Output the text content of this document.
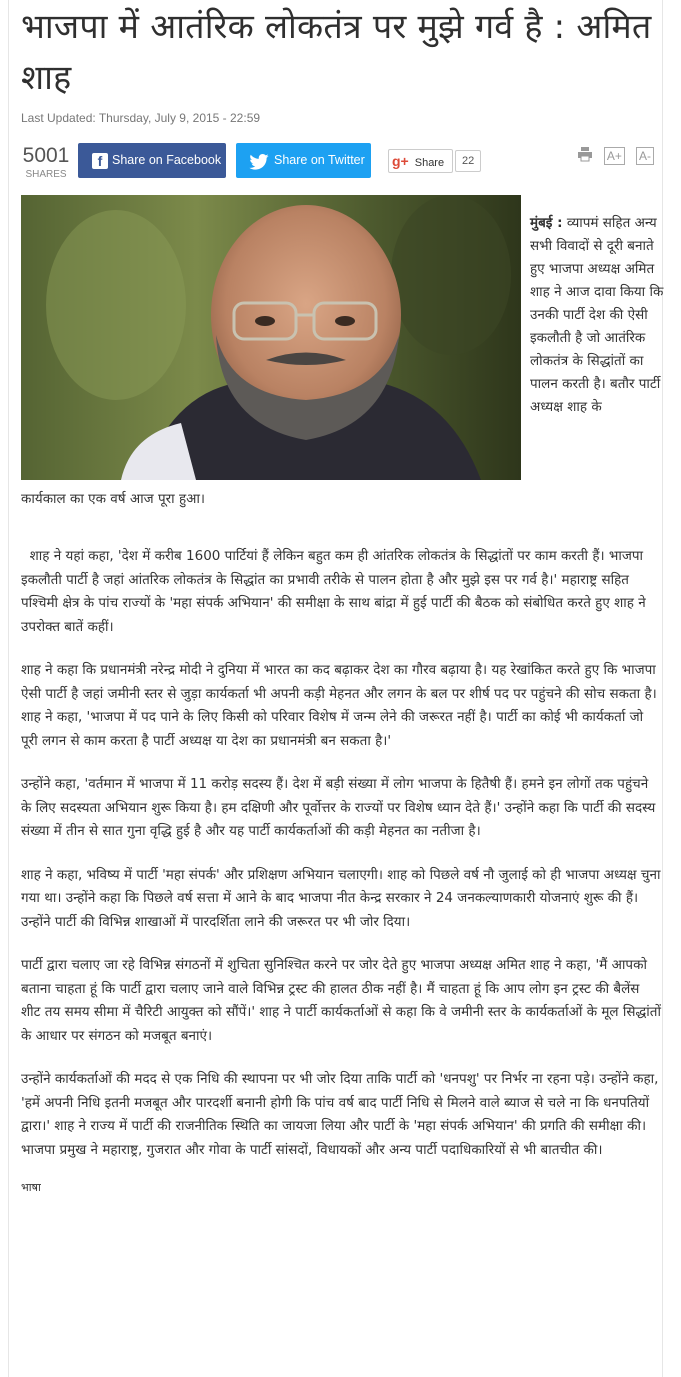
भाजपा में आतंरिक लोकतंत्र पर मुझे गर्व है : अमित शाह
Last Updated: Thursday, July 9, 2015 - 22:59
5001
SHARES
f Share on Facebook	Share on Twitter	g+ Share	22	A+ A-
मुंबई : व्यापमं सहित अन्य सभी विवादों से दूरी बनाते हुए भाजपा अध्यक्ष अमित शाह ने आज दावा किया कि उनकी पार्टी देश की ऐसी इकलौती है जो आतंरिक लोकतंत्र के सिद्धांतों का पालन करती है। बतौर पार्टी अध्यक्ष शाह के
कार्यकाल का एक वर्ष आज पूरा हुआ।

शाह ने यहां कहा, 'देश में करीब 1600 पार्टियां हैं लेकिन बहुत कम ही आंतरिक लोकतंत्र के सिद्धांतों पर काम करती हैं। भाजपा इकलौती पार्टी है जहां आंतरिक लोकतंत्र के सिद्धांत का प्रभावी तरीके से पालन होता है और मुझे इस पर गर्व है।' महाराष्ट्र सहित पश्चिमी क्षेत्र के पांच राज्यों के 'महा संपर्क अभियान' की समीक्षा के साथ बांद्रा में हुई पार्टी की बैठक को संबोधित करते हुए शाह ने उपरोक्त बातें कहीं।

शाह ने कहा कि प्रधानमंत्री नरेन्द्र मोदी ने दुनिया में भारत का कद बढ़ाकर देश का गौरव बढ़ाया है। यह रेखांकित करते हुए कि भाजपा ऐसी पार्टी है जहां जमीनी स्तर से जुड़ा कार्यकर्ता भी अपनी कड़ी मेहनत और लगन के बल पर शीर्ष पद पर पहुंचने की सोच सकता है। शाह ने कहा, 'भाजपा में पद पाने के लिए किसी को परिवार विशेष में जन्म लेने की जरूरत नहीं है। पार्टी का कोई भी कार्यकर्ता जो पूरी लगन से काम करता है पार्टी अध्यक्ष या देश का प्रधानमंत्री बन सकता है।'

उन्होंने कहा, 'वर्तमान में भाजपा में 11 करोड़ सदस्य हैं। देश में बड़ी संख्या में लोग भाजपा के हितैषी हैं। हमने इन लोगों तक पहुंचने के लिए सदस्यता अभियान शुरू किया है। हम दक्षिणी और पूर्वोत्तर के राज्यों पर विशेष ध्यान देते हैं।' उन्होंने कहा कि पार्टी की सदस्य संख्या में तीन से सात गुना वृद्धि हुई है और यह पार्टी कार्यकर्ताओं की कड़ी मेहनत का नतीजा है।

शाह ने कहा, भविष्य में पार्टी 'महा संपर्क' और प्रशिक्षण अभियान चलाएगी। शाह को पिछले वर्ष नौ जुलाई को ही भाजपा अध्यक्ष चुना गया था। उन्होंने कहा कि पिछले वर्ष सत्ता में आने के बाद भाजपा नीत केन्द्र सरकार ने 24 जनकल्याणकारी योजनाएं शुरू की हैं। उन्होंने पार्टी की विभिन्न शाखाओं में पारदर्शिता लाने की जरूरत पर भी जोर दिया।

पार्टी द्वारा चलाए जा रहे विभिन्न संगठनों में शुचिता सुनिश्चित करने पर जोर देते हुए भाजपा अध्यक्ष अमित शाह ने कहा, 'मैं आपको बताना चाहता हूं कि पार्टी द्वारा चलाए जाने वाले विभिन्न ट्रस्ट की हालत ठीक नहीं है। मैं चाहता हूं कि आप लोग इन ट्रस्ट की बैलेंस शीट तय समय सीमा में चैरिटी आयुक्त को सौंपें।' शाह ने पार्टी कार्यकर्ताओं से कहा कि वे जमीनी स्तर के कार्यकर्ताओं के मूल सिद्धांतों के आधार पर संगठन को मजबूत बनाएं।

उन्होंने कार्यकर्ताओं की मदद से एक निधि की स्थापना पर भी जोर दिया ताकि पार्टी को 'धनपशु' पर निर्भर ना रहना पड़े। उन्होंने कहा, 'हमें अपनी निधि इतनी मजबूत और पारदर्शी बनानी होगी कि पांच वर्ष बाद पार्टी निधि से मिलने वाले ब्याज से चले ना कि धनपतियों द्वारा।' शाह ने राज्य में पार्टी की राजनीतिक स्थिति का जायजा लिया और पार्टी के 'महा संपर्क अभियान' की प्रगति की समीक्षा की। भाजपा प्रमुख ने महाराष्ट्र, गुजरात और गोवा के पार्टी सांसदों, विधायकों और अन्य पार्टी पदाधिकारियों से भी बातचीत की।

भाषा
